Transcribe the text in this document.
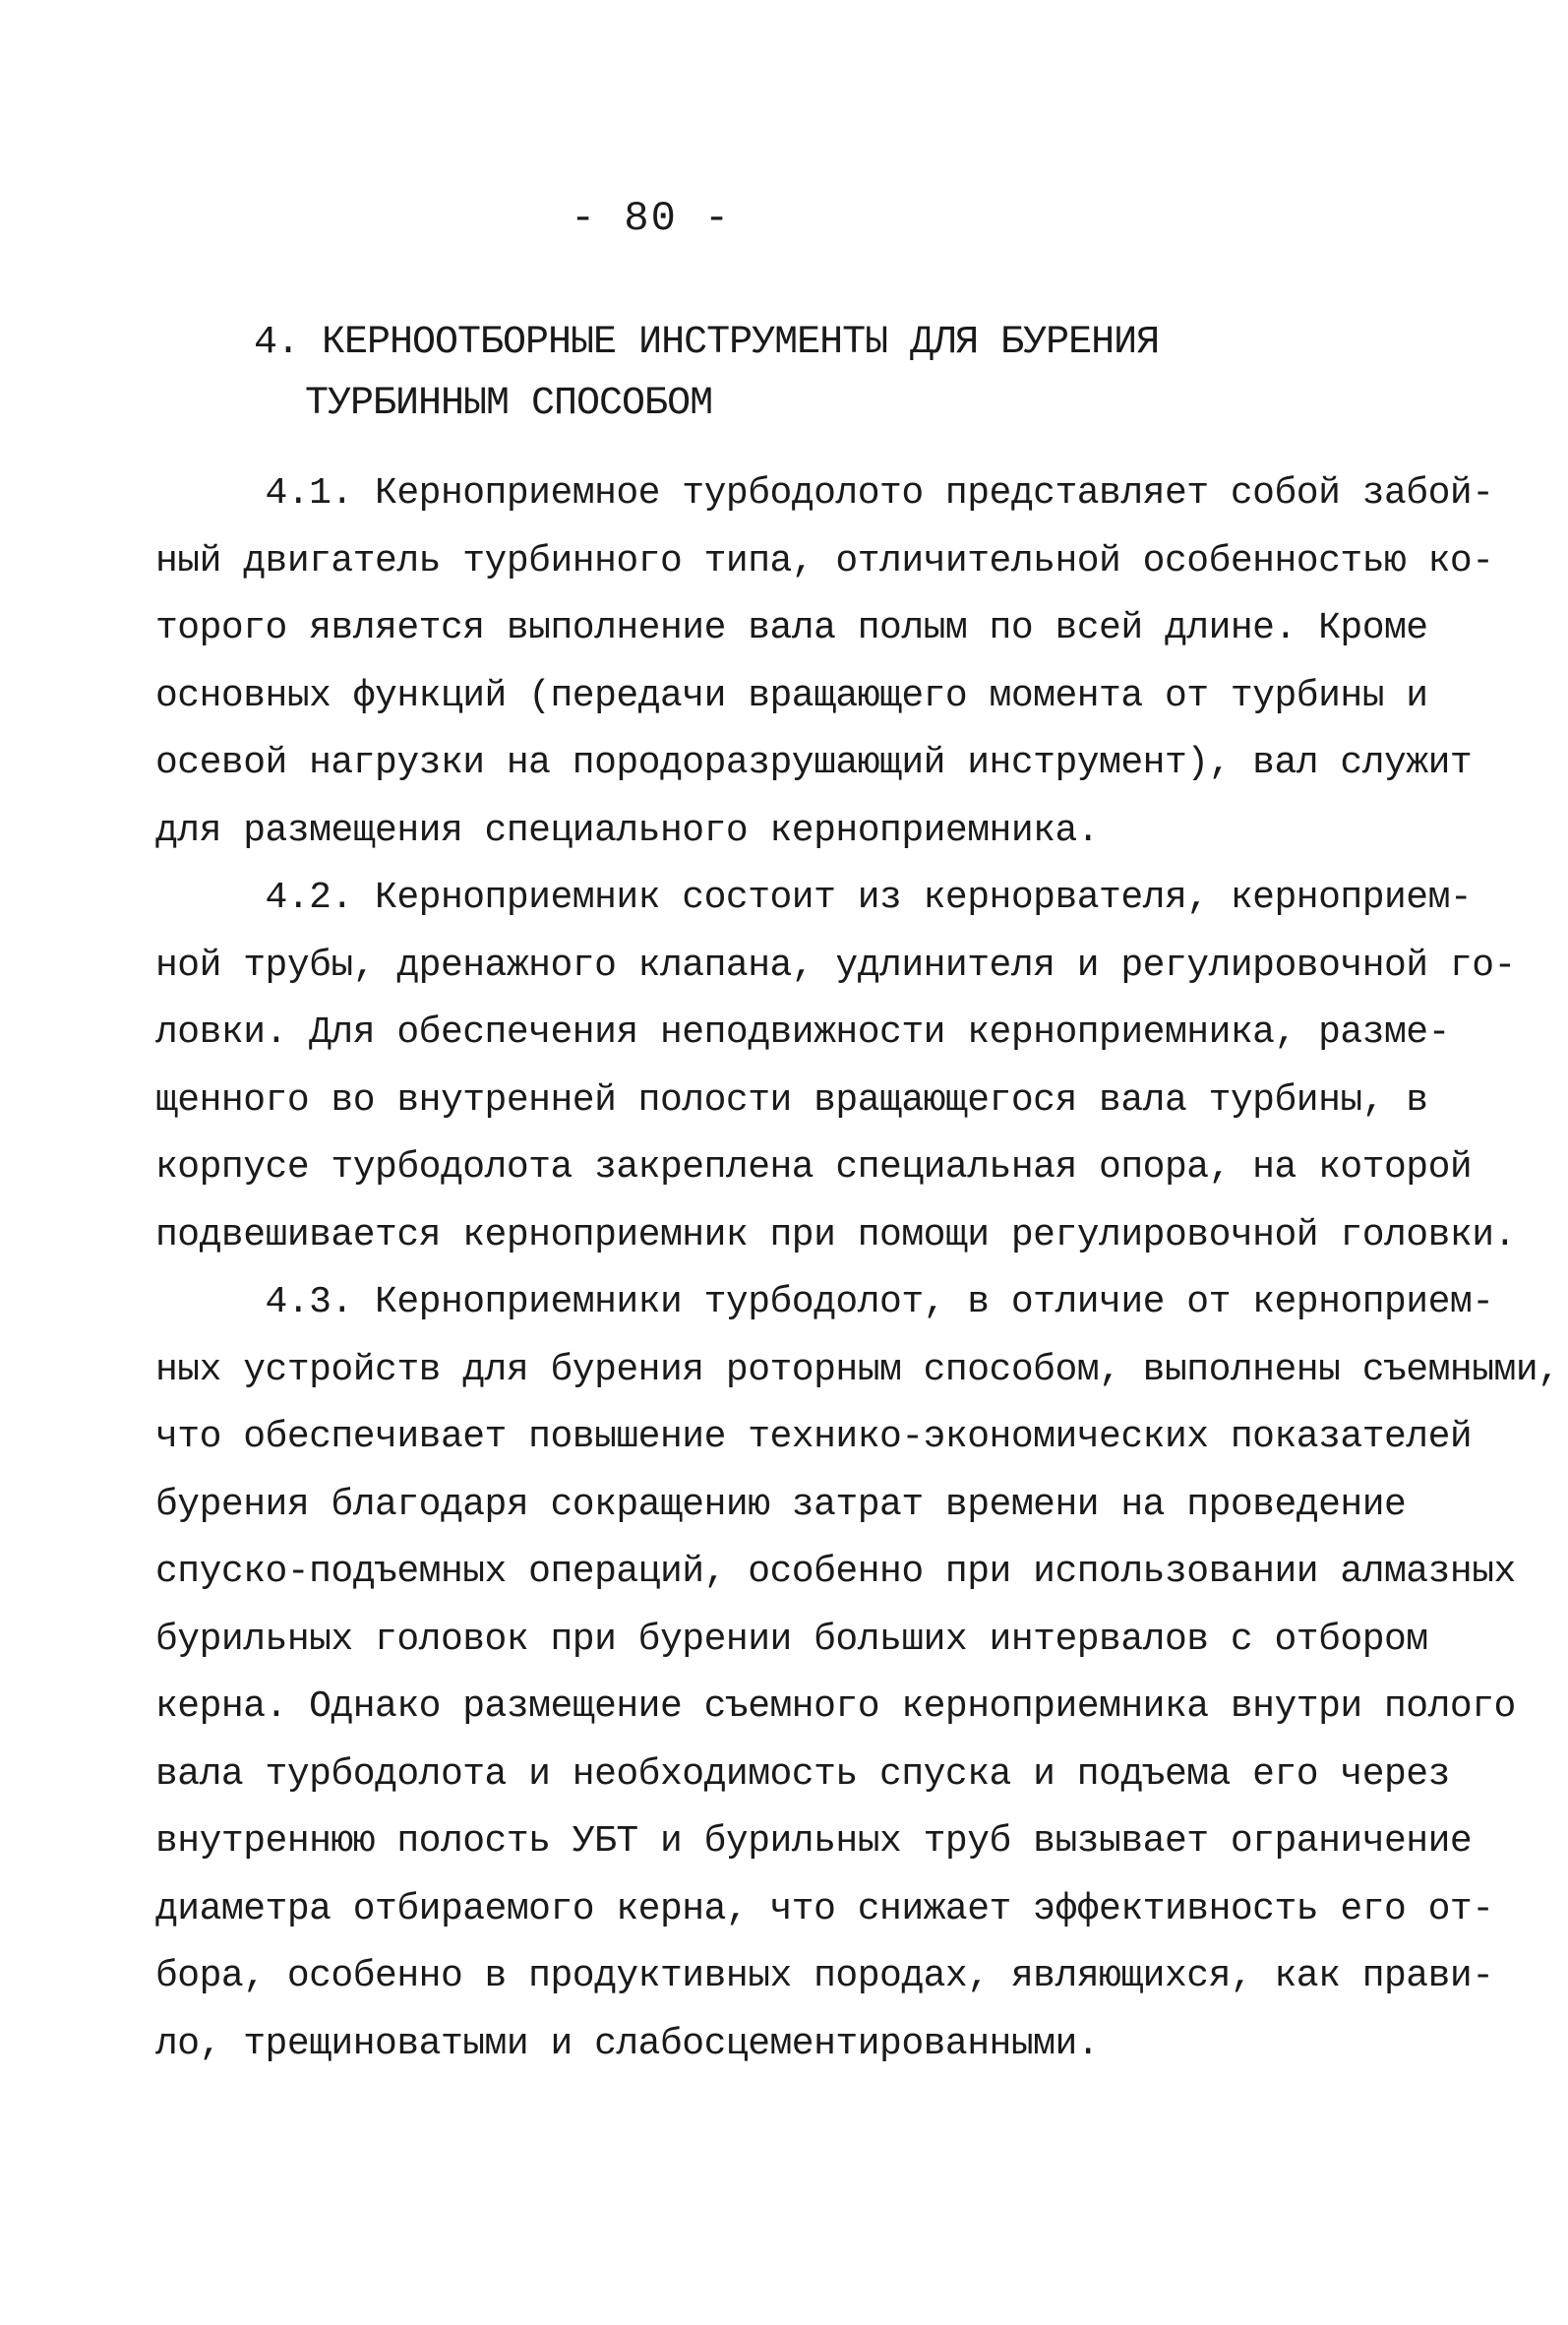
- 80 -
4. КЕРНООТБОРНЫЕ ИНСТРУМЕНТЫ ДЛЯ БУРЕНИЯ
ТУРБИННЫМ СПОСОБОМ
4.1. Керноприемное турбодолото представляет собой забой-
ный двигатель турбинного типа, отличительной особенностью ко-
торого является выполнение вала полым по всей длине. Кроме
основных функций (передачи вращающего момента от турбины и
осевой нагрузки на породоразрушающий инструмент), вал служит
для размещения специального керноприемника.
4.2. Керноприемник состоит из кернорвателя, керноприем-
ной трубы, дренажного клапана, удлинителя и регулировочной го-
ловки. Для обеспечения неподвижности керноприемника, разме-
щенного во внутренней полости вращающегося вала турбины, в
корпусе турбодолота закреплена специальная опора, на которой
подвешивается керноприемник при помощи регулировочной головки.
4.3. Керноприемники турбодолот, в отличие от керноприем-
ных устройств для бурения роторным способом, выполнены съемными,
что обеспечивает повышение технико-экономических показателей
бурения благодаря сокращению затрат времени на проведение
спуско-подъемных операций, особенно при использовании алмазных
бурильных головок при бурении больших интервалов с отбором
керна. Однако размещение съемного керноприемника внутри полого
вала турбодолота и необходимость спуска и подъема его через
внутреннюю полость УБТ и бурильных труб вызывает ограничение
диаметра отбираемого керна, что снижает эффективность его от-
бора, особенно в продуктивных породах, являющихся, как прави-
ло, трещиноватыми и слабосцементированными.
